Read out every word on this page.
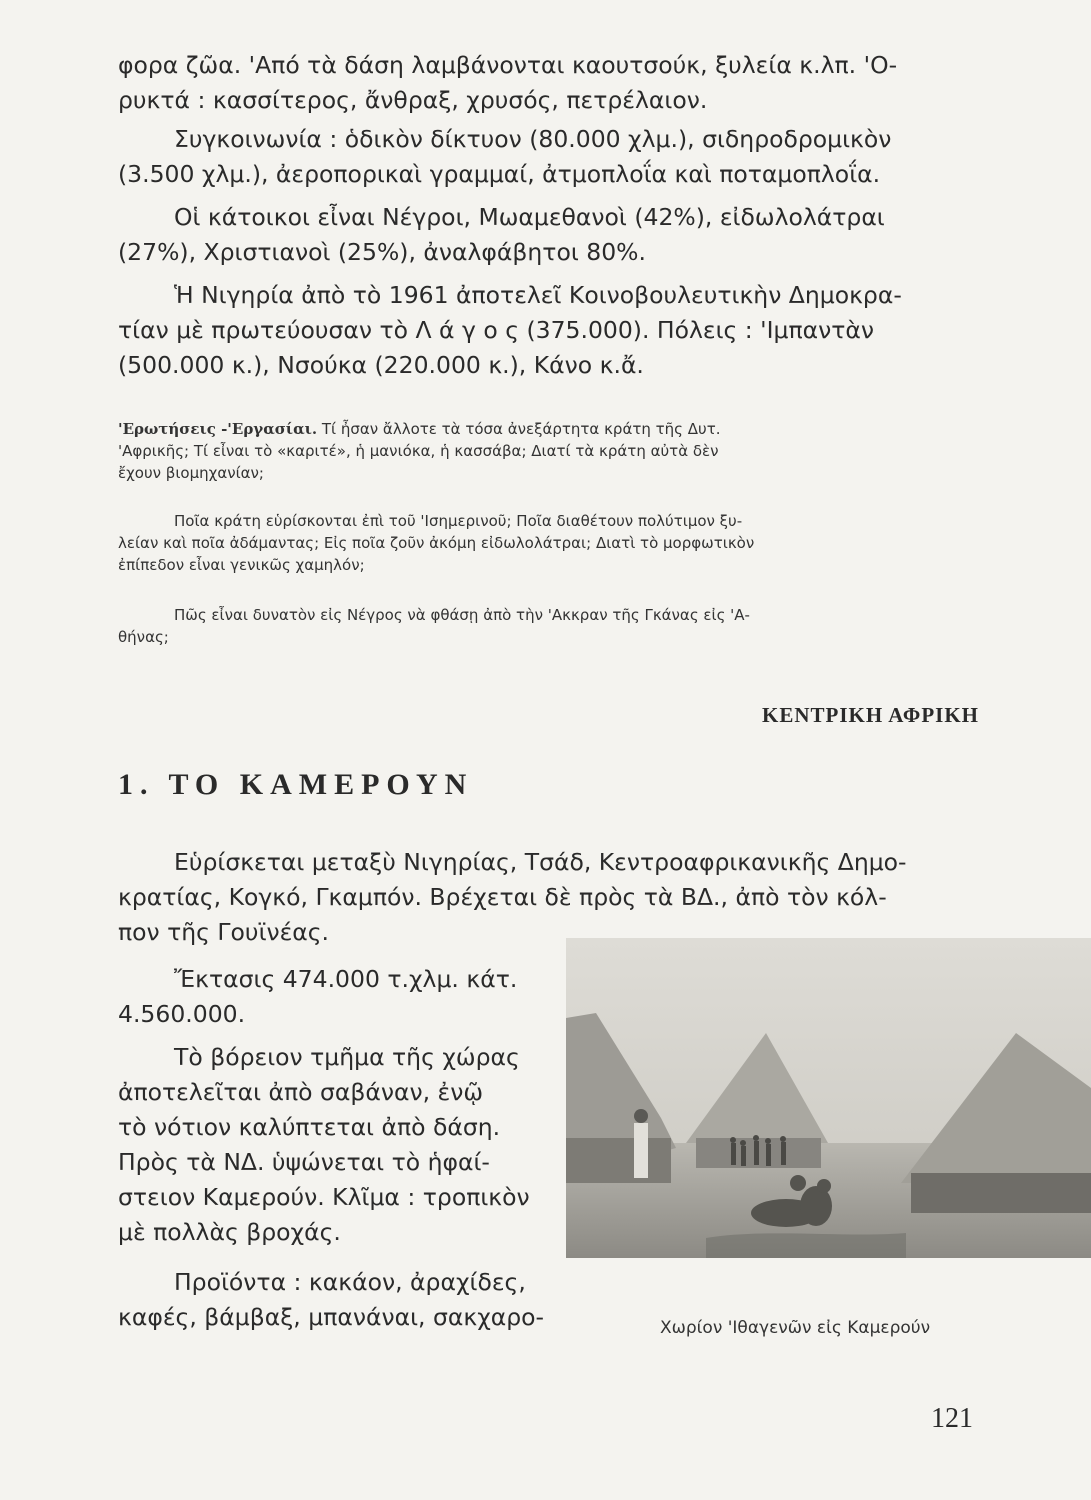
φορα ζῶα. 'Από τὰ δάση λαμβάνονται καουτσούκ, ξυλεία κ.λπ. 'Ο-
ρυκτά : κασσίτερος, ἄνθραξ, χρυσός, πετρέλαιον.
Συγκοινωνία : ὁδικὸν δίκτυον (80.000 χλμ.), σιδηροδρομικὸν
(3.500 χλμ.), ἀεροπορικαὶ γραμμαί, ἀτμοπλοΐα καὶ ποταμοπλοΐα.
Οἱ κάτοικοι εἶναι Νέγροι, Μωαμεθανοὶ (42%), εἰδωλολάτραι
(27%), Χριστιανοὶ (25%), ἀναλφάβητοι 80%.
Ἡ Νιγηρία ἀπὸ τὸ 1961 ἀποτελεῖ Κοινοβουλευτικὴν Δημοκρα-
τίαν μὲ πρωτεύουσαν τὸ Λ ά γ ο ς (375.000). Πόλεις : 'Ιμπαντὰν
(500.000 κ.), Νσούκα (220.000 κ.), Κάνο κ.ἄ.
'Ερωτήσεις -'Εργασίαι. Τί ἦσαν ἄλλοτε τὰ τόσα ἀνεξάρτητα κράτη τῆς Δυτ.
'Αφρικῆς; Τί εἶναι τὸ «καριτέ», ἡ μανιόκα, ἡ κασσάβα; Διατί τὰ κράτη αὐτὰ δὲν
ἔχουν βιομηχανίαν;
Ποῖα κράτη εὑρίσκονται ἐπὶ τοῦ 'Ισημερινοῦ; Ποῖα διαθέτουν πολύτιμον ξυ-
λείαν καὶ ποῖα ἀδάμαντας; Εἰς ποῖα ζοῦν ἀκόμη εἰδωλολάτραι; Διατὶ τὸ μορφωτικὸν
ἐπίπεδον εἶναι γενικῶς χαμηλόν;
Πῶς εἶναι δυνατὸν εἰς Νέγρος νὰ φθάσῃ ἀπὸ τὴν 'Ακκραν τῆς Γκάνας εἰς 'Α-
θήνας;

ΚΕΝΤΡΙΚΗ ΑΦΡΙΚΗ

1. ΤΟ ΚΑΜΕΡΟΥΝ

Εὑρίσκεται μεταξὺ Νιγηρίας, Τσάδ, Κεντροαφρικανικῆς Δημο-
κρατίας, Κογκό, Γκαμπόν. Βρέχεται δὲ πρὸς τὰ ΒΔ., ἀπὸ τὸν κόλ-
πον τῆς Γουϊνέας.
Ἔκτασις 474.000 τ.χλμ. κάτ.
4.560.000.
Τὸ βόρειον τμῆμα τῆς χώρας
ἀποτελεῖται ἀπὸ σαβάναν, ἐνῷ
τὸ νότιον καλύπτεται ἀπὸ δάση.
Πρὸς τὰ ΝΔ. ὑψώνεται τὸ ἡφαί-
στειον Καμερούν. Κλῖμα : τροπικὸν
μὲ πολλὰς βροχάς.
Προϊόντα : κακάον, ἀραχίδες,
καφές, βάμβαξ, μπανάναι, σακχαρο-	Χωρίον 'Ιθαγενῶν εἰς Καμερούν

121
